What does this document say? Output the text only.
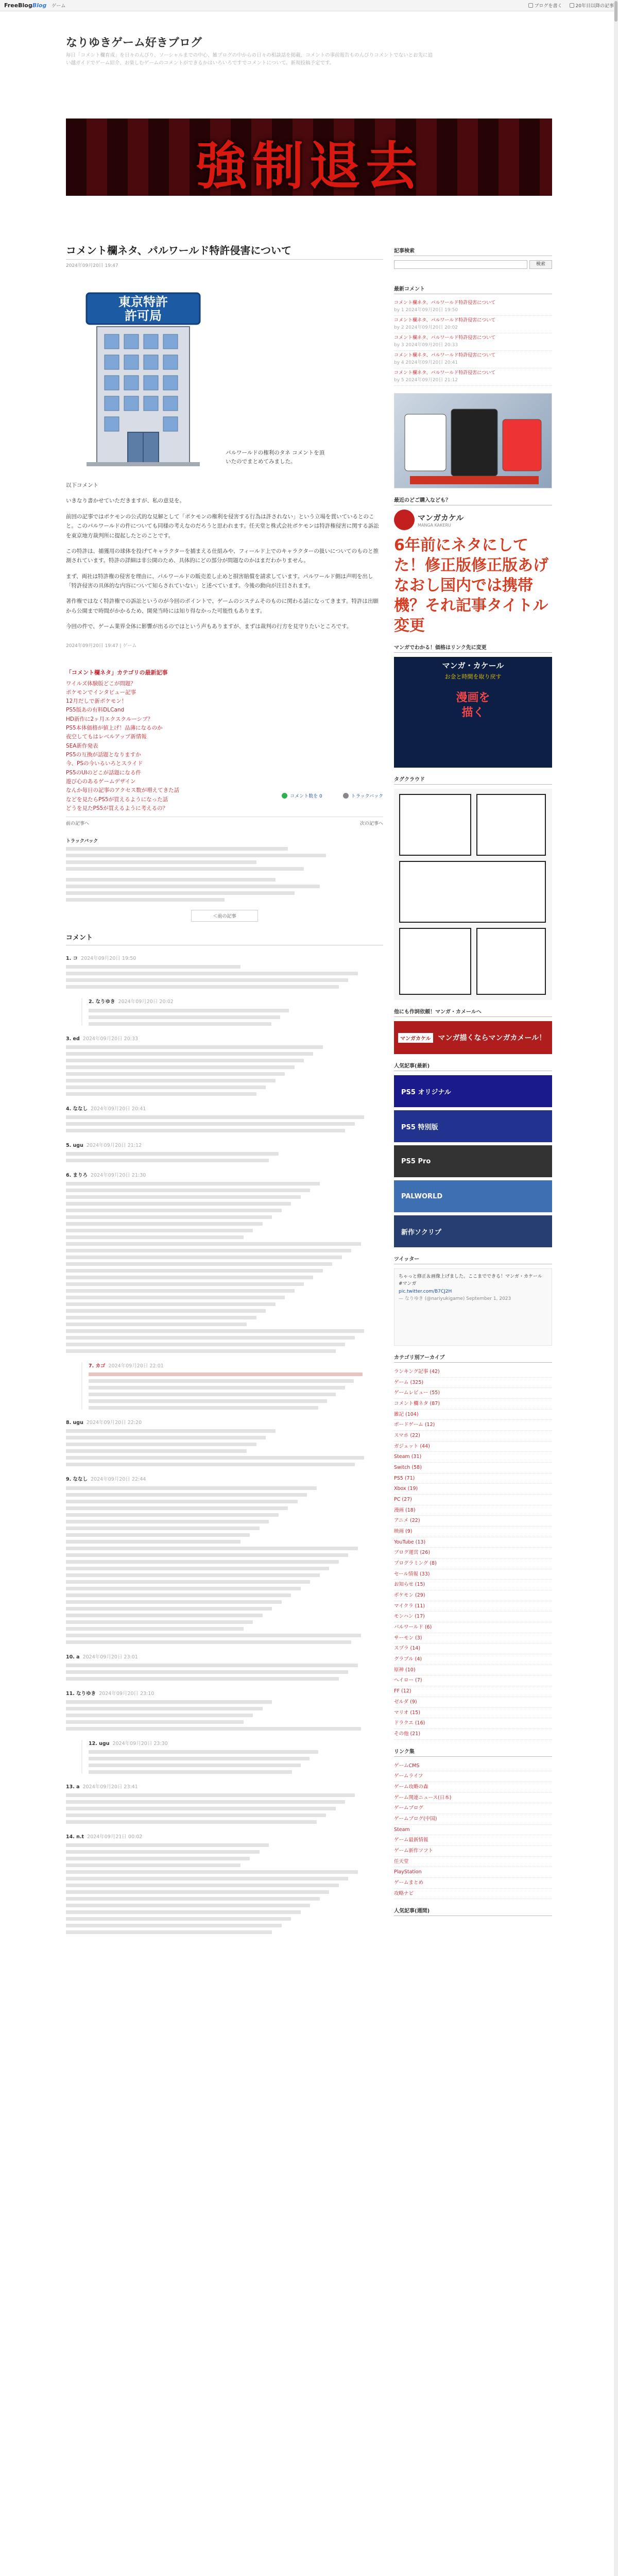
FreeBlogBlog ゲーム	ブログを書く	20年目以降の記事
なりゆきゲーム好きブログ
毎日「コメント欄育成」を日々のんびり、ソーシャルまでの中心、雑プログの中からの日々の相談話を掲載、コメントの事前報告ものんびりコメントでないとお先に追い越ガイドでゲーム紹介、お楽しむゲームのコメントができるかはいろいろですでコメントについて。新規投稿予定です。
強制退去
コメント欄ネタ、パルワールド特許侵害について
2024年09月20日 19:47
東京特許
許可局
パルワールドの権利のタネ コメントを頂いたのでまとめてみました。

以下コメント

いきなり書かせていただきますが、私の意見を。

前回の記事ではポケモンの公式的な見解として「ポケモンの権利を侵害する行為は許されない」という立場を貫いているとのこと。このパルワールドの件についても同様の考えなのだろうと思われます。任天堂と株式会社ポケモンは特許権侵害に関する訴訟を東京地方裁判所に提起したとのことです。

この特許は、捕獲用の球体を投げてキャラクターを捕まえる仕組みや、フィールド上でのキャラクターの扱いについてのものと推測されています。特許の詳細は非公開のため、具体的にどの部分が問題なのかはまだわかりません。

まず、両社は特許権の侵害を理由に、パルワールドの販売差し止めと損害賠償を請求しています。パルワールド側は声明を出し「特許侵害の具体的な内容について知らされていない」と述べています。今後の動向が注目されます。

著作権ではなく特許権での訴訟というのが今回のポイントで、ゲームのシステムそのものに関わる話になってきます。特許は出願から公開まで時間がかかるため、開発当時には知り得なかった可能性もあります。

今回の件で、ゲーム業界全体に影響が出るのではという声もありますが、まずは裁判の行方を見守りたいところです。

2024年09月20日 19:47 | ゲーム
「コメント欄ネタ」カテゴリの最新記事
ワイルズ体験版どこが問題？
ポケモンでインタビュー記事
12月だしで新ポケモン！
PS5版あの有料DLCand
HD新作に2ヶ月エクスクルーシブ？
PS5本体価格が値上げ！品薄になるのか
夜空してもはレベルアップ新情報
SEA新作発表
PS5の互換が話題となりますか
今、PSの今いるいろとスライド
PS5のUIのどこが話題になる件
遊び心のあるゲームデザイン
なんか毎日の記事のアクセス数が増えてきた話
などを見たらPS5が買えるようになった話
どうを見たPS5が買えるように考えるの？
コメント数を 0	トラックバック
前の記事へ	次の記事へ
トラックバック
＜前の記事
コメント
1. コ 2024年09月20日 19:50
2. なりゆき 2024年09月20日 20:02
3. ed 2024年09月20日 20:33
4. ななし 2024年09月20日 20:41
5. ugu 2024年09月20日 21:12
6. まりろ 2024年09月20日 21:30
7. カゴ 2024年09月20日 22:01
8. ugu 2024年09月20日 22:20
9. ななし 2024年09月20日 22:44
10. a 2024年09月20日 23:01
11. なりゆき 2024年09月20日 23:10
12. ugu 2024年09月20日 23:30
13. a 2024年09月20日 23:41
14. n.t 2024年09月21日 00:02
記事検索
検索
最新コメント
コメント欄ネタ、パルワールド特許侵害について
by 1 2024年09月20日 19:50
コメント欄ネタ、パルワールド特許侵害について
by 2 2024年09月20日 20:02
コメント欄ネタ、パルワールド特許侵害について
by 3 2024年09月20日 20:33
コメント欄ネタ、パルワールド特許侵害について
by 4 2024年09月20日 20:41
コメント欄ネタ、パルワールド特許侵害について
by 5 2024年09月20日 21:12
最近のどご購入なども？
マンガカケル
MANGA KAKERU
6年前にネタにしてた！修正版修正版あげなおし国内では携帯機？それ記事タイトル変更
マンガでわかる！価格はリンク先に変更
マンガ・カケール
お金と時間を取り戻す
漫画を
描く
タグクラウド
他にも作詞依頼！マンガ・カメールへ
マンガカケル マンガ描くならマンガカメール！
人気記事(最新)
PS5 オリジナル
PS5 特別版
PS5 Pro
PALWORLD
新作ソクリプ
ツイッター
ちゃっと修正＆画像上げました。ここまでできる！マンガ・カケール #マンガ
pic.twitter.com/B7CJ2H
— なりゆき (@nariyukigame) September 1, 2023
カテゴリ別アーカイブ
ランキング記事 (42)
ゲーム (325)
ゲームレビュー (55)
コメント欄ネタ (87)
雑記 (104)
ボードゲーム (12)
スマホ (22)
ガジェット (44)
Steam (31)
Switch (58)
PS5 (71)
Xbox (19)
PC (27)
漫画 (18)
アニメ (22)
映画 (9)
YouTube (13)
ブログ運営 (26)
プログラミング (8)
セール情報 (33)
お知らせ (15)
ポケモン (29)
マイクラ (11)
モンハン (17)
パルワールド (6)
サーモン (3)
スプラ (14)
グラブル (4)
原神 (10)
ヘイロー (7)
FF (12)
ゼルダ (9)
マリオ (15)
ドラクエ (16)
その他 (21)
リンク集
ゲームCMS
ゲームライフ
ゲーム攻略の森
ゲーム関連ニュース(日本)
ゲームブログ
ゲームブログ(中国)
Steam
ゲーム最新情報
ゲーム新作ソフト
任天堂
PlayStation
ゲームまとめ
攻略ナビ
人気記事(週間)
